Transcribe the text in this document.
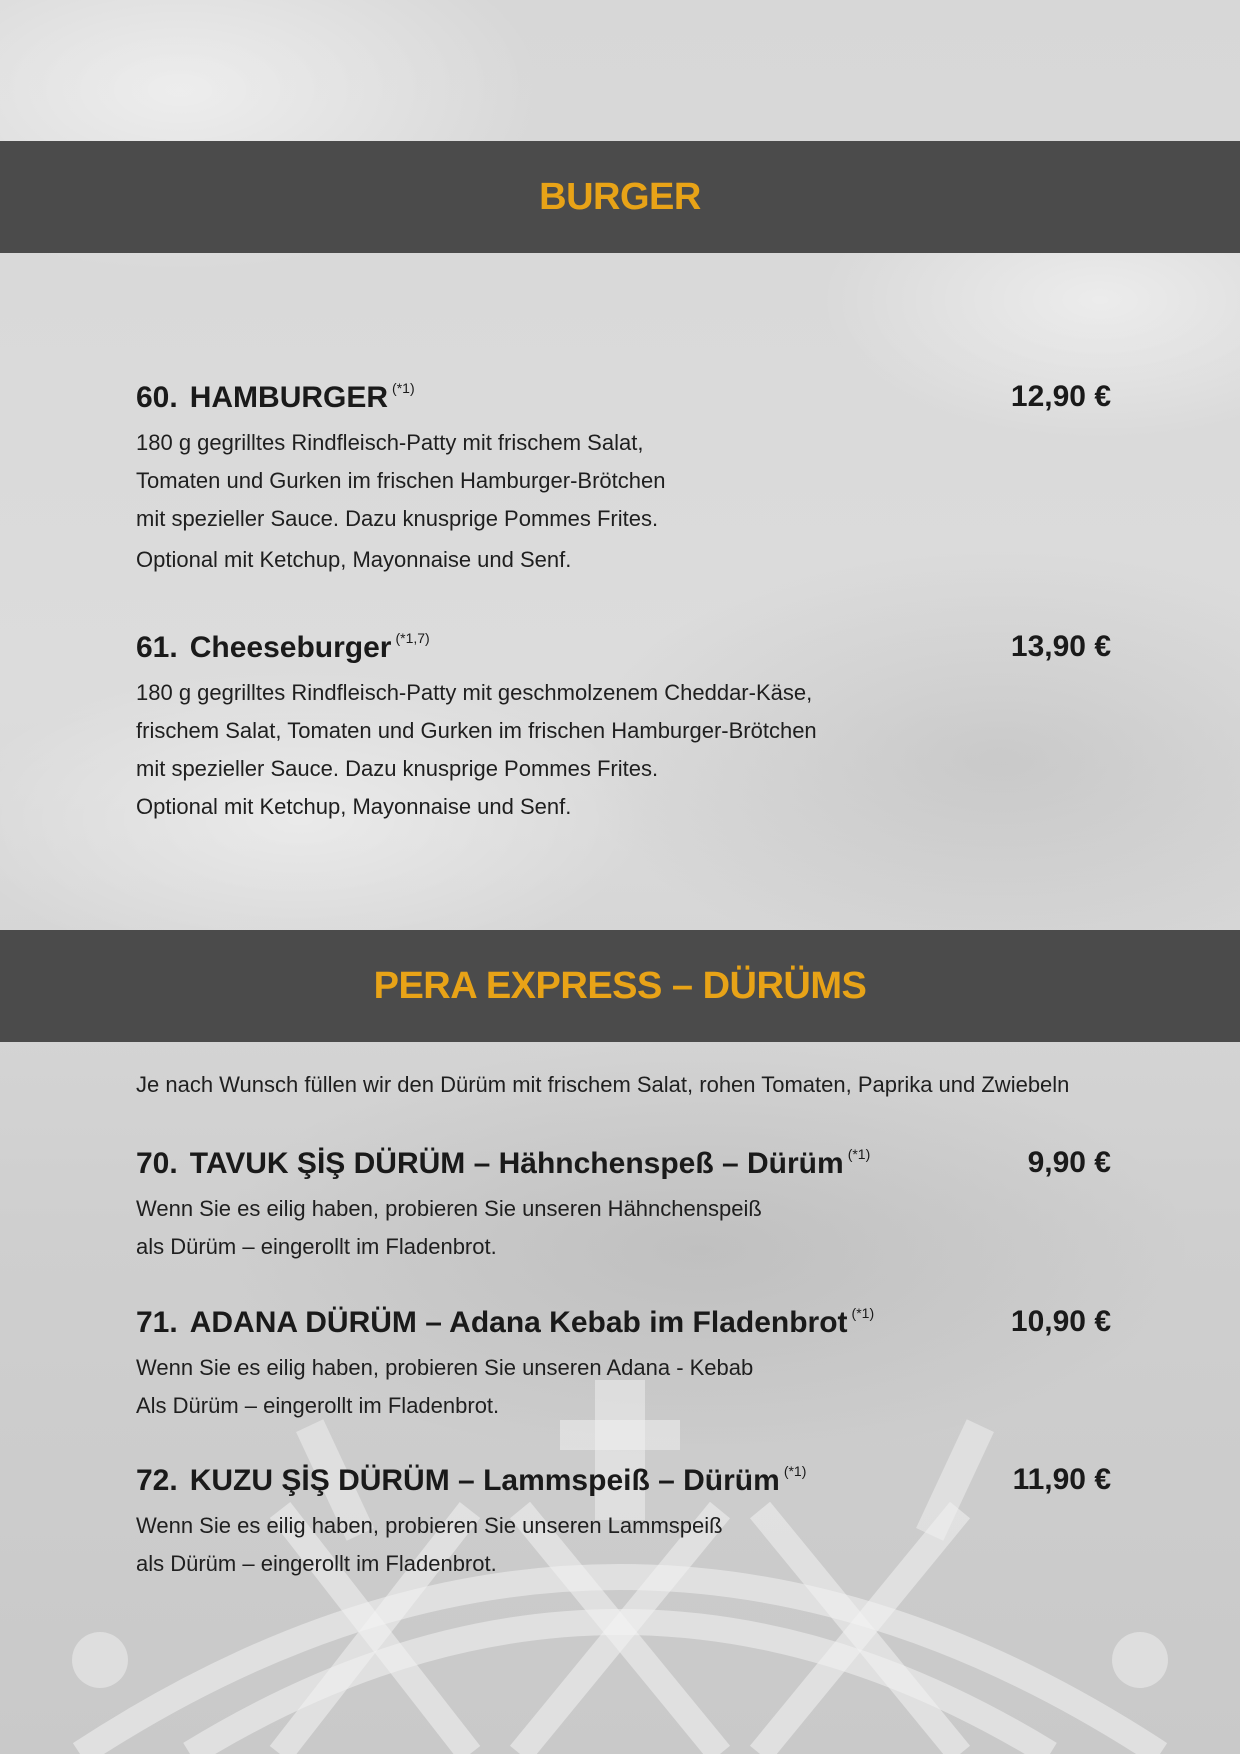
BURGER
60. HAMBURGER $^{(*1)}$	12,90 €
180 g gegrilltes Rindfleisch-Patty mit frischem Salat,
Tomaten und Gurken im frischen Hamburger-Brötchen
mit spezieller Sauce. Dazu knusprige Pommes Frites.
Optional mit Ketchup, Mayonnaise und Senf.
61. Cheeseburger $^{(*1,7)}$	13,90 €
180 g gegrilltes Rindfleisch-Patty mit geschmolzenem Cheddar-Käse,
frischem Salat, Tomaten und Gurken im frischen Hamburger-Brötchen
mit spezieller Sauce. Dazu knusprige Pommes Frites.
Optional mit Ketchup, Mayonnaise und Senf.
PERA EXPRESS – DÜRÜMS
Je nach Wunsch füllen wir den Dürüm mit frischem Salat, rohen Tomaten, Paprika und Zwiebeln
70. TAVUK ŞİŞ DÜRÜM – Hähnchenspeß – Dürüm $^{(*1)}$	9,90 €
Wenn Sie es eilig haben, probieren Sie unseren Hähnchenspeiß
als Dürüm – eingerollt im Fladenbrot.
71. ADANA DÜRÜM – Adana Kebab im Fladenbrot $^{(*1)}$	10,90 €
Wenn Sie es eilig haben, probieren Sie unseren Adana - Kebab
Als Dürüm – eingerollt im Fladenbrot.
72. KUZU ŞİŞ DÜRÜM – Lammspeiß – Dürüm $^{(*1)}$	11,90 €
Wenn Sie es eilig haben, probieren Sie unseren Lammspeiß
als Dürüm – eingerollt im Fladenbrot.
